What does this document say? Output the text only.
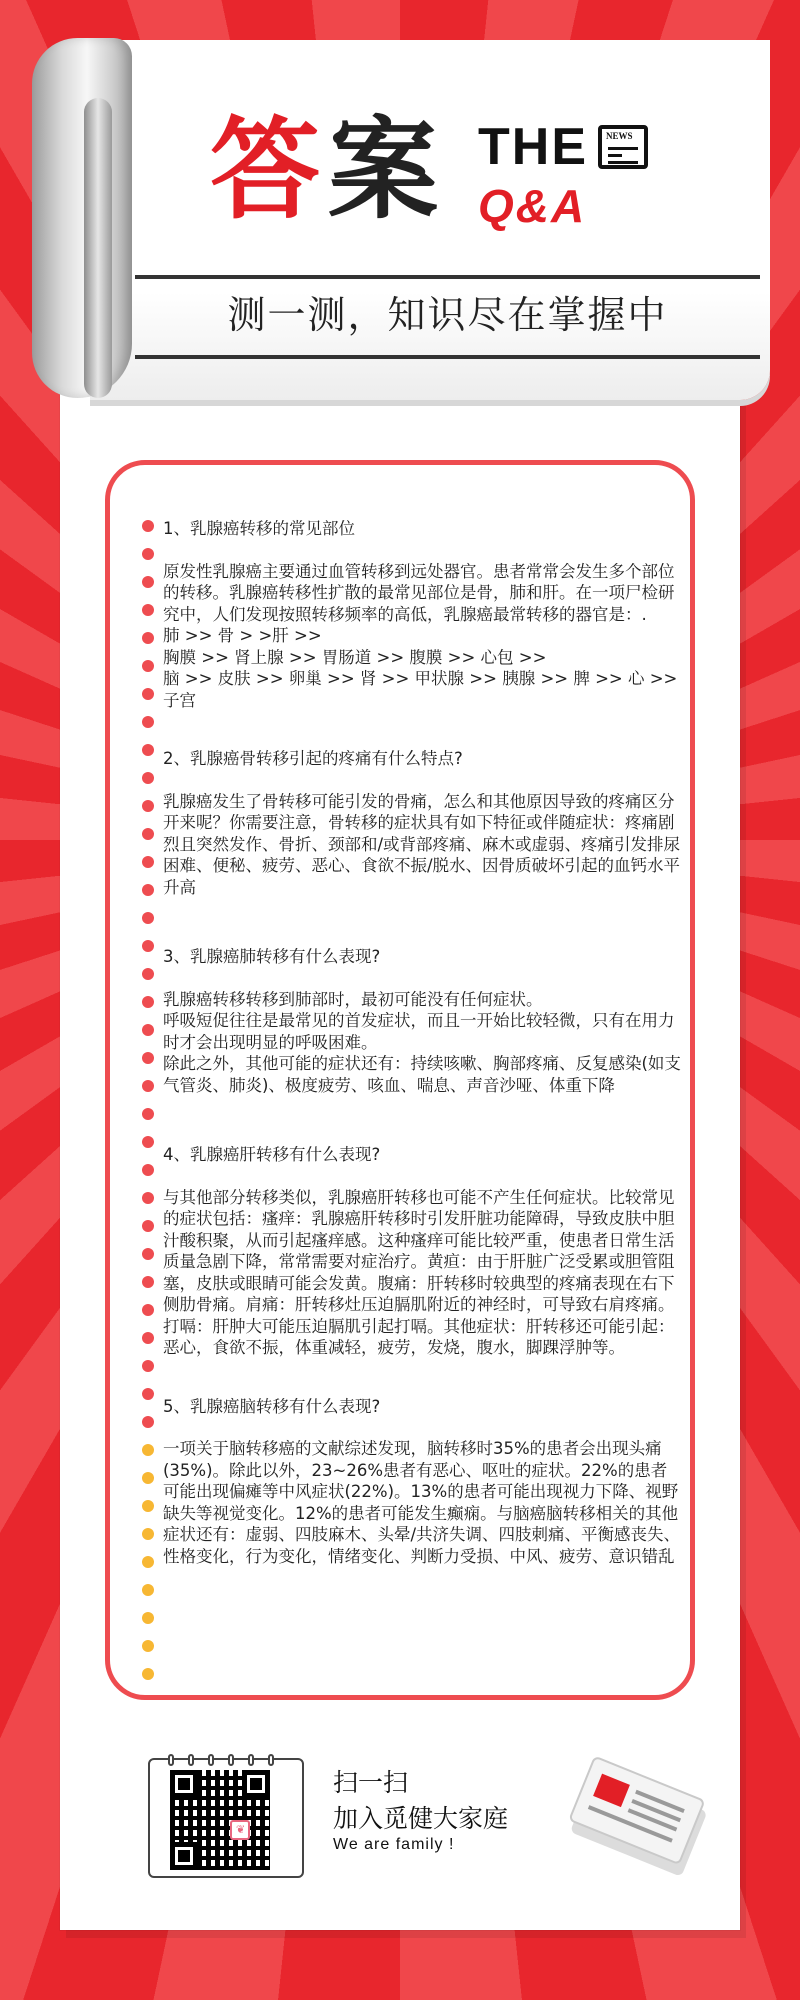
答案 THE NEWS
Q&A
测一测，知识尽在掌握中

1、乳腺癌转移的常见部位

原发性乳腺癌主要通过血管转移到远处器官。患者常常会发生多个部位的转移。乳腺癌转移性扩散的最常见部位是骨，肺和肝。在一项尸检研究中，人们发现按照转移频率的高低，乳腺癌最常转移的器官是：.

肺 >> 骨 > >肝 >>

胸膜 >> 肾上腺 >> 胃肠道 >> 腹膜 >> 心包 >>

脑 >> 皮肤 >> 卵巢 >> 肾 >> 甲状腺 >> 胰腺 >> 脾 >> 心 >> 子宫

2、乳腺癌骨转移引起的疼痛有什么特点?

乳腺癌发生了骨转移可能引发的骨痛，怎么和其他原因导致的疼痛区分开来呢？你需要注意，骨转移的症状具有如下特征或伴随症状：疼痛剧烈且突然发作、骨折、颈部和/或背部疼痛、麻木或虚弱、疼痛引发排尿困难、便秘、疲劳、恶心、食欲不振/脱水、因骨质破坏引起的血钙水平升高

3、乳腺癌肺转移有什么表现?

乳腺癌转移转移到肺部时，最初可能没有任何症状。

呼吸短促往往是最常见的首发症状，而且一开始比较轻微，只有在用力时才会出现明显的呼吸困难。

除此之外，其他可能的症状还有：持续咳嗽、胸部疼痛、反复感染(如支气管炎、肺炎)、极度疲劳、咳血、喘息、声音沙哑、体重下降

4、乳腺癌肝转移有什么表现?

与其他部分转移类似，乳腺癌肝转移也可能不产生任何症状。比较常见的症状包括：瘙痒：乳腺癌肝转移时引发肝脏功能障碍，导致皮肤中胆汁酸积聚，从而引起瘙痒感。这种瘙痒可能比较严重，使患者日常生活质量急剧下降，常常需要对症治疗。黄疸：由于肝脏广泛受累或胆管阻塞，皮肤或眼睛可能会发黄。腹痛：肝转移时较典型的疼痛表现在右下侧肋骨痛。肩痛：肝转移灶压迫膈肌附近的神经时，可导致右肩疼痛。打嗝：肝肿大可能压迫膈肌引起打嗝。其他症状：肝转移还可能引起：恶心，食欲不振，体重减轻，疲劳，发烧，腹水，脚踝浮肿等。

5、乳腺癌脑转移有什么表现?

一项关于脑转移癌的文献综述发现，脑转移时35%的患者会出现头痛(35%)。除此以外，23~26%患者有恶心、呕吐的症状。22%的患者可能出现偏瘫等中风症状(22%)。13%的患者可能出现视力下降、视野缺失等视觉变化。12%的患者可能发生癫痫。与脑癌脑转移相关的其他症状还有：虚弱、四肢麻木、头晕/共济失调、四肢刺痛、平衡感丧失、性格变化，行为变化，情绪变化、判断力受损、中风、疲劳、意识错乱

❦
扫一扫
加入觅健大家庭
We are family !
